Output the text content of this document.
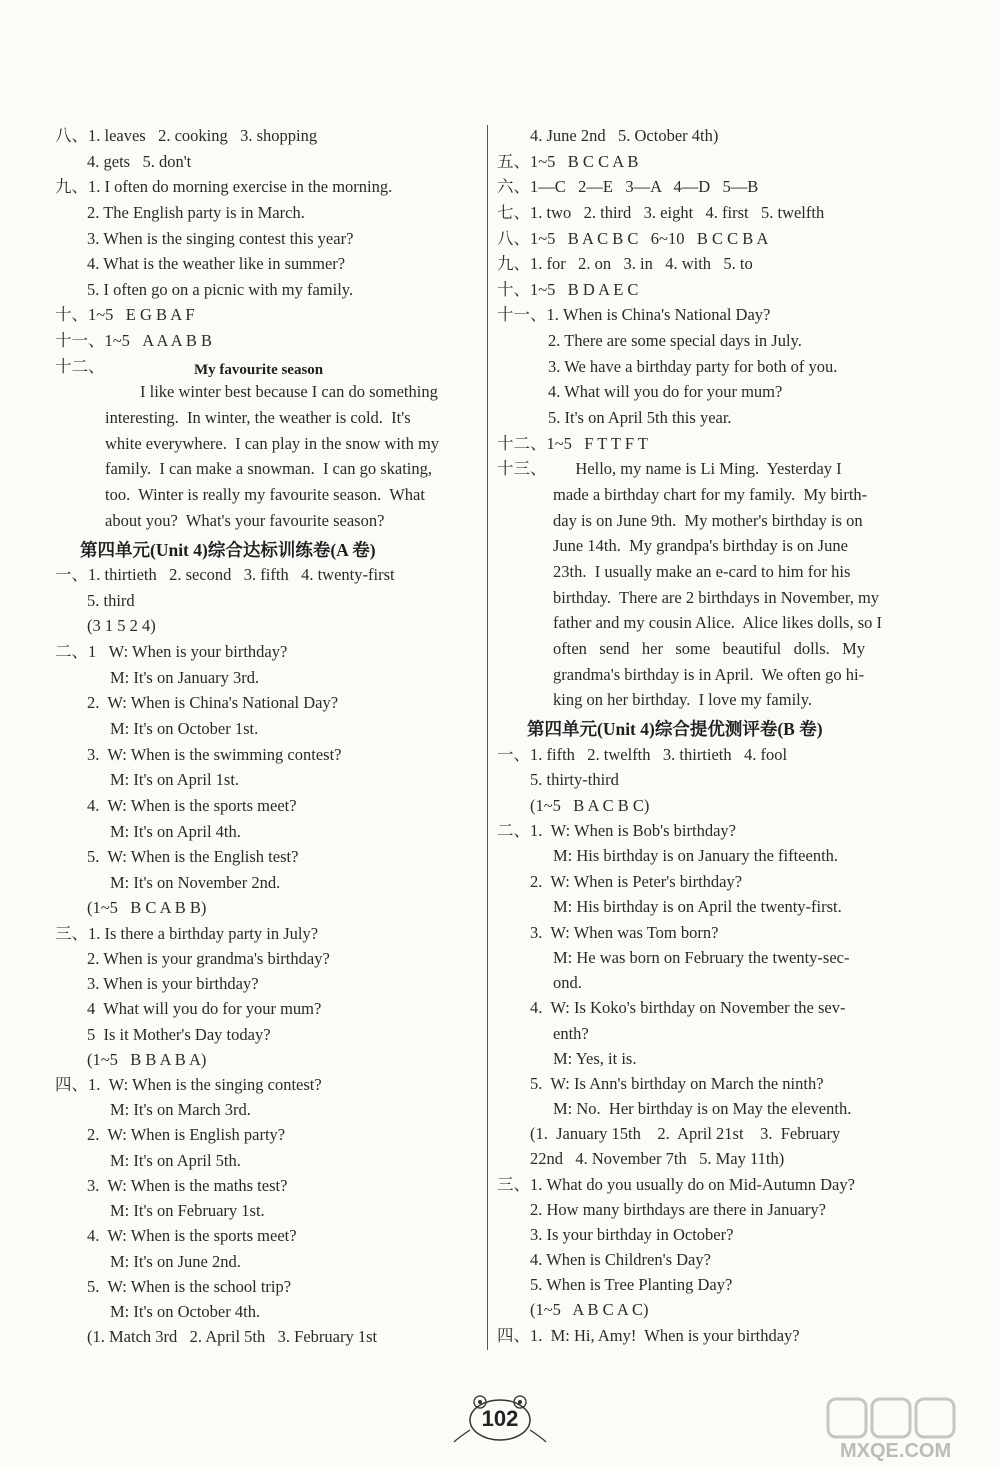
八、1. leaves   2. cooking   3. shopping
4. gets   5. don't
九、1. I often do morning exercise in the morning.
2. The English party is in March.
3. When is the singing contest this year?
4. What is the weather like in summer?
5. I often go on a picnic with my family.
十、1~5   E G B A F
十一、1~5   A A A B B
十二、
I like winter best because I can do something
interesting.  In winter, the weather is cold.  It's
white everywhere.  I can play in the snow with my
family.  I can make a snowman.  I can go skating,
too.  Winter is really my favourite season.  What
about you?  What's your favourite season?
一、1. thirtieth   2. second   3. fifth   4. twenty-first
5. third
(3 1 5 2 4)
二、1   W: When is your birthday?
M: It's on January 3rd.
2.  W: When is China's National Day?
M: It's on October 1st.
3.  W: When is the swimming contest?
M: It's on April 1st.
4.  W: When is the sports meet?
M: It's on April 4th.
5.  W: When is the English test?
M: It's on November 2nd.
(1~5   B C A B B)
三、1. Is there a birthday party in July?
2. When is your grandma's birthday?
3. When is your birthday?
4  What will you do for your mum?
5  Is it Mother's Day today?
(1~5   B B A B A)
四、1.  W: When is the singing contest?
M: It's on March 3rd.
2.  W: When is English party?
M: It's on April 5th.
3.  W: When is the maths test?
M: It's on February 1st.
4.  W: When is the sports meet?
M: It's on June 2nd.
5.  W: When is the school trip?
M: It's on October 4th.
(1. Match 3rd   2. April 5th   3. February 1st
4. June 2nd   5. October 4th)
五、1~5   B C C A B
六、1—C   2—E   3—A   4—D   5—B
七、1. two   2. third   3. eight   4. first   5. twelfth
八、1~5   B A C B C   6~10   B C C B A
九、1. for   2. on   3. in   4. with   5. to
十、1~5   B D A E C
十一、1. When is China's National Day?
2. There are some special days in July.
3. We have a birthday party for both of you.
4. What will you do for your mum?
5. It's on April 5th this year.
十二、1~5   F T T F T
十三、       Hello, my name is Li Ming.  Yesterday I
made a birthday chart for my family.  My birth-
day is on June 9th.  My mother's birthday is on
June 14th.  My grandpa's birthday is on June
23th.  I usually make an e-card to him for his
birthday.  There are 2 birthdays in November, my
father and my cousin Alice.  Alice likes dolls, so I
often   send   her   some   beautiful   dolls.   My
grandma's birthday is in April.  We often go hi-
king on her birthday.  I love my family.
一、1. fifth   2. twelfth   3. thirtieth   4. fool
5. thirty-third
(1~5   B A C B C)
二、1.  W: When is Bob's birthday?
M: His birthday is on January the fifteenth.
2.  W: When is Peter's birthday?
M: His birthday is on April the twenty-first.
3.  W: When was Tom born?
M: He was born on February the twenty-sec-
ond.
4.  W: Is Koko's birthday on November the sev-
enth?
M: Yes, it is.
5.  W: Is Ann's birthday on March the ninth?
M: No.  Her birthday is on May the eleventh.
(1.  January 15th    2.  April 21st    3.  February
22nd   4. November 7th   5. May 11th)
三、1. What do you usually do on Mid-Autumn Day?
2. How many birthdays are there in January?
3. Is your birthday in October?
4. When is Children's Day?
5. When is Tree Planting Day?
(1~5   A B C A C)
四、1.  M: Hi, Amy!  When is your birthday?
My favourite season
第四单元(Unit 4)综合达标训练卷(A 卷)
第四单元(Unit 4)综合提优测评卷(B 卷)
102
MXQE.COM
